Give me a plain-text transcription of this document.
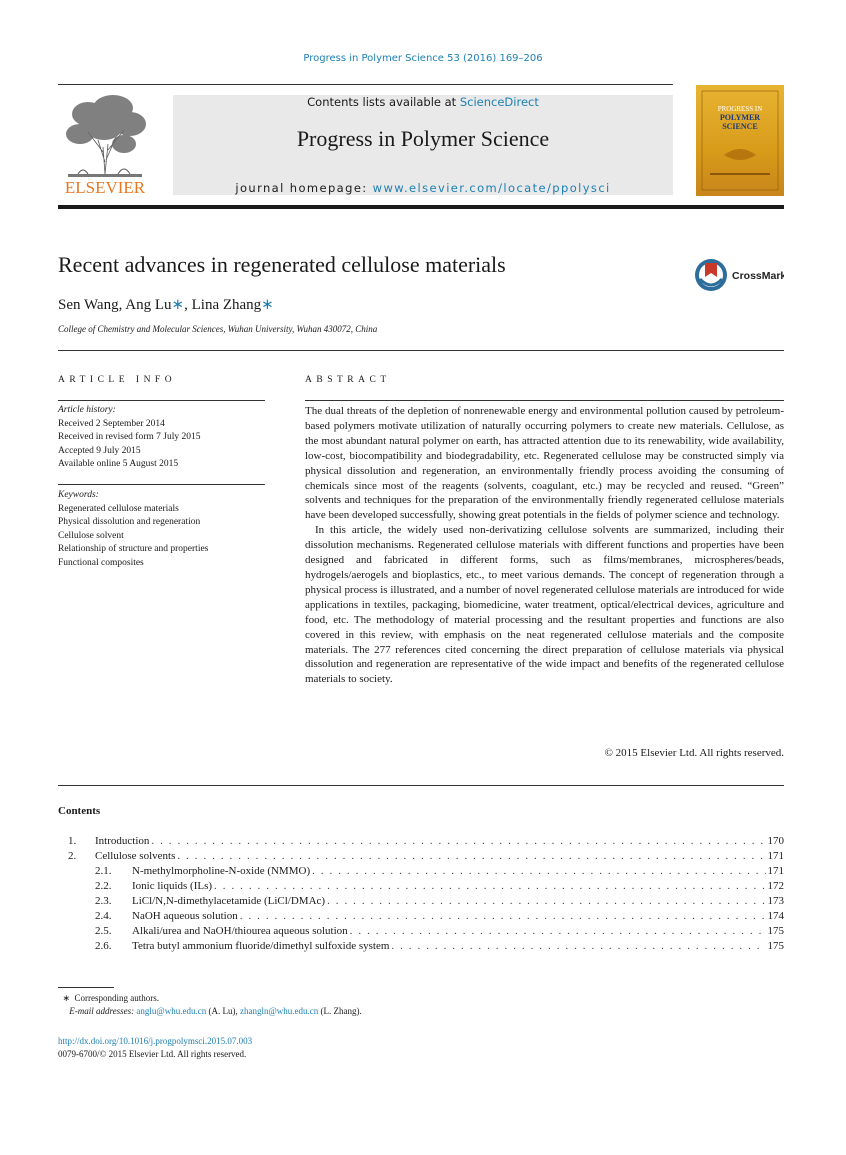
Progress in Polymer Science 53 (2016) 169–206
ELSEVIER
Contents lists available at ScienceDirect
Progress in Polymer Science
journal homepage: www.elsevier.com/locate/ppolysci
PROGRESS IN
POLYMER
SCIENCE
Recent advances in regenerated cellulose materials	CrossMark
Sen Wang, Ang Lu∗, Lina Zhang∗
College of Chemistry and Molecular Sciences, Wuhan University, Wuhan 430072, China
ARTICLE INFO	ABSTRACT
Article history:
Received 2 September 2014
Received in revised form 7 July 2015
Accepted 9 July 2015
Available online 5 August 2015
Keywords:
Regenerated cellulose materials
Physical dissolution and regeneration
Cellulose solvent
Relationship of structure and properties
Functional composites

The dual threats of the depletion of nonrenewable energy and environmental pollution caused by petroleum-based polymers motivate utilization of naturally occurring polymers to create new materials. Cellulose, as the most abundant natural polymer on earth, has attracted attention due to its renewability, wide availability, low-cost, biocompatibility and biodegradability, etc. Regenerated cellulose may be constructed simply via physical dissolution and regeneration, an environmentally friendly process avoiding the consuming of chemicals since most of the reagents (solvents, coagulant, etc.) may be recycled and reused. “Green” solvents and techniques for the preparation of the environmentally friendly regenerated cellulose materials have been developed successfully, showing great potentials in the fields of polymer science and technology.

In this article, the widely used non-derivatizing cellulose solvents are summarized, including their dissolution mechanisms. Regenerated cellulose materials with different functions and properties have been designed and fabricated in different forms, such as films/membranes, microspheres/beads, hydrogels/aerogels and bioplastics, etc., to meet various demands. The concept of regeneration through a physical process is illustrated, and a number of novel regenerated cellulose materials are introduced for wide applications in textiles, packaging, biomedicine, water treatment, optical/electrical devices, agriculture and food, etc. The methodology of material processing and the resultant properties and functions are also covered in this review, with emphasis on the neat regenerated cellulose materials and the composite materials. The 277 references cited concerning the direct preparation of cellulose materials via physical dissolution and regeneration are representative of the wide impact and benefits of the regenerated cellulose materials to society.

© 2015 Elsevier Ltd. All rights reserved.
Contents
1.	Introduction . . .	170
2.	Cellulose solvents . . .	171
2.1.	N-methylmorpholine-N-oxide (NMMO) . . .	171
2.2.	Ionic liquids (ILs) . . .	172
2.3.	LiCl/N,N-dimethylacetamide (LiCl/DMAc) . . .	173
2.4.	NaOH aqueous solution . . .	174
2.5.	Alkali/urea and NaOH/thiourea aqueous solution . . .	175
2.6.	Tetra butyl ammonium fluoride/dimethyl sulfoxide system . . .	175
∗ Corresponding authors.
E-mail addresses: anglu@whu.edu.cn (A. Lu), zhangln@whu.edu.cn (L. Zhang).
http://dx.doi.org/10.1016/j.progpolymsci.2015.07.003
0079-6700/© 2015 Elsevier Ltd. All rights reserved.
